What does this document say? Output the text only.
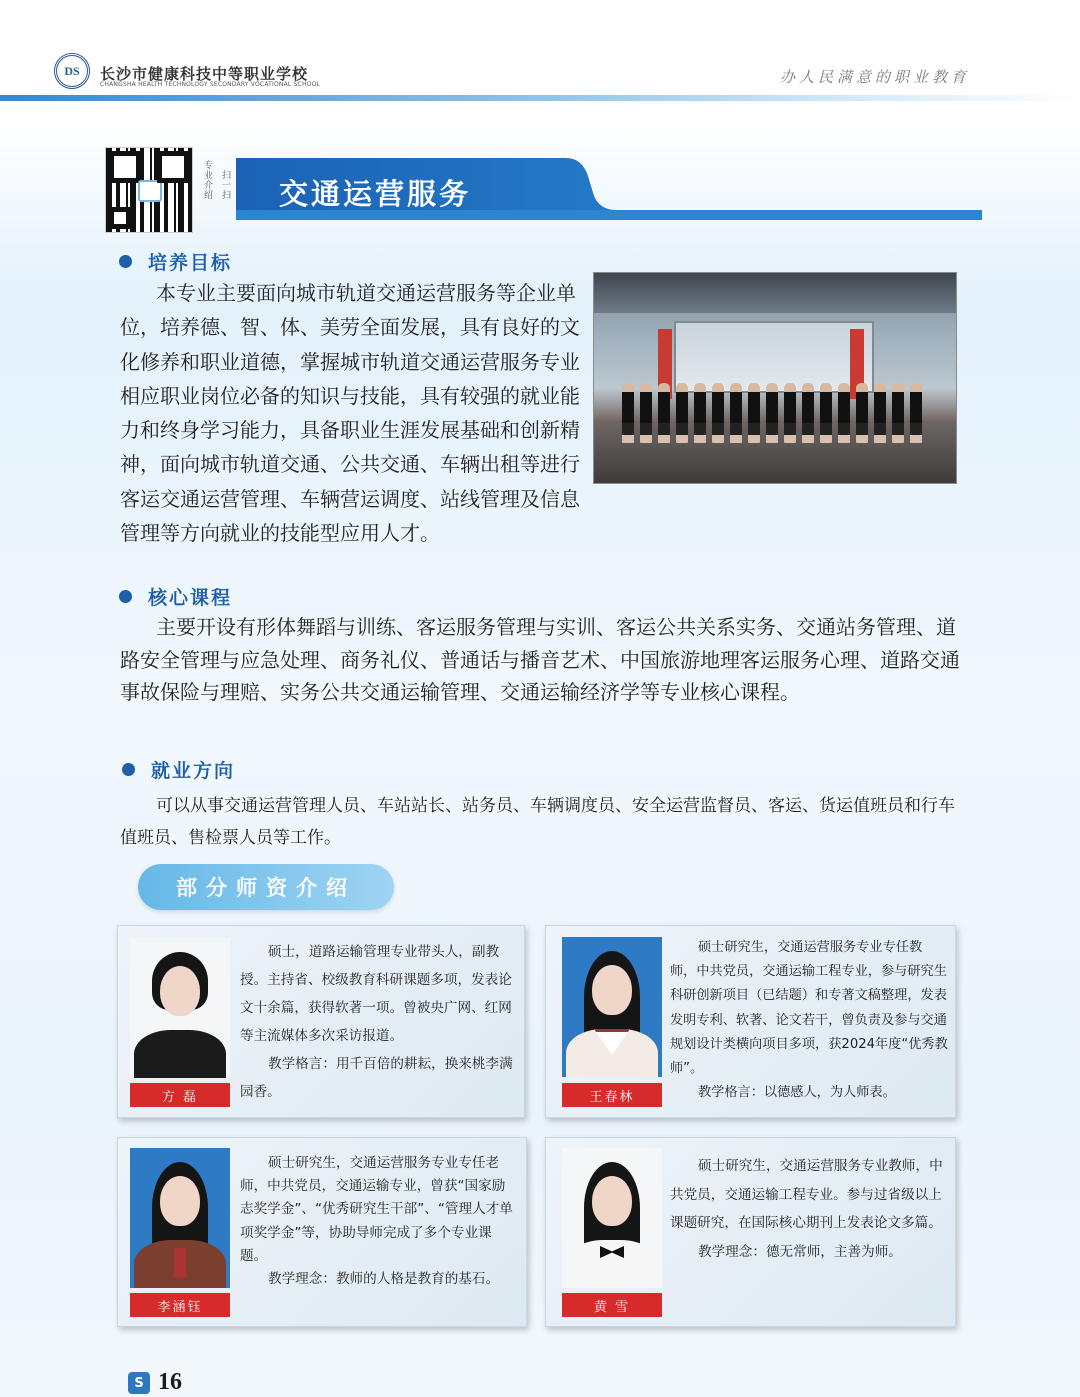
DS 长沙市健康科技中等职业学校
CHANGSHA HEALTH TECHNOLOGY SECONDARY VOCATIONAL SCHOOL	办人民满意的职业教育
专业介绍 扫一扫 交通运营服务
培养目标
本专业主要面向城市轨道交通运营服务等企业单位，培养德、智、体、美劳全面发展，具有良好的文化修养和职业道德，掌握城市轨道交通运营服务专业相应职业岗位必备的知识与技能，具有较强的就业能力和终身学习能力，具备职业生涯发展基础和创新精神，面向城市轨道交通、公共交通、车辆出租等进行客运交通运营管理、车辆营运调度、站线管理及信息管理等方向就业的技能型应用人才。
核心课程
主要开设有形体舞蹈与训练、客运服务管理与实训、客运公共关系实务、交通站务管理、道路安全管理与应急处理、商务礼仪、普通话与播音艺术、中国旅游地理客运服务心理、道路交通事故保险与理赔、实务公共交通运输管理、交通运输经济学等专业核心课程。
就业方向
可以从事交通运营管理人员、车站站长、站务员、车辆调度员、安全运营监督员、客运、货运值班员和行车值班员、售检票人员等工作。
部分师资介绍
方 磊

硕士，道路运输管理专业带头人，副教授。主持省、校级教育科研课题多项，发表论文十余篇，获得软著一项。曾被央广网、红网等主流媒体多次采访报道。

教学格言：用千百倍的耕耘，换来桃李满园香。	王春林

硕士研究生，交通运营服务专业专任教师，中共党员，交通运输工程专业，参与研究生科研创新项目（已结题）和专著文稿整理，发表发明专利、软著、论文若干，曾负责及参与交通规划设计类横向项目多项，获2024年度“优秀教师”。

教学格言：以德感人，为人师表。

李涵钰

硕士研究生，交通运营服务专业专任老师，中共党员，交通运输专业，曾获“国家励志奖学金”、“优秀研究生干部”、“管理人才单项奖学金”等，协助导师完成了多个专业课题。

教学理念：教师的人格是教育的基石。

黄 雪

硕士研究生，交通运营服务专业教师，中共党员，交通运输工程专业。参与过省级以上课题研究，在国际核心期刊上发表论文多篇。

教学理念：德无常师，主善为师。

S 16
